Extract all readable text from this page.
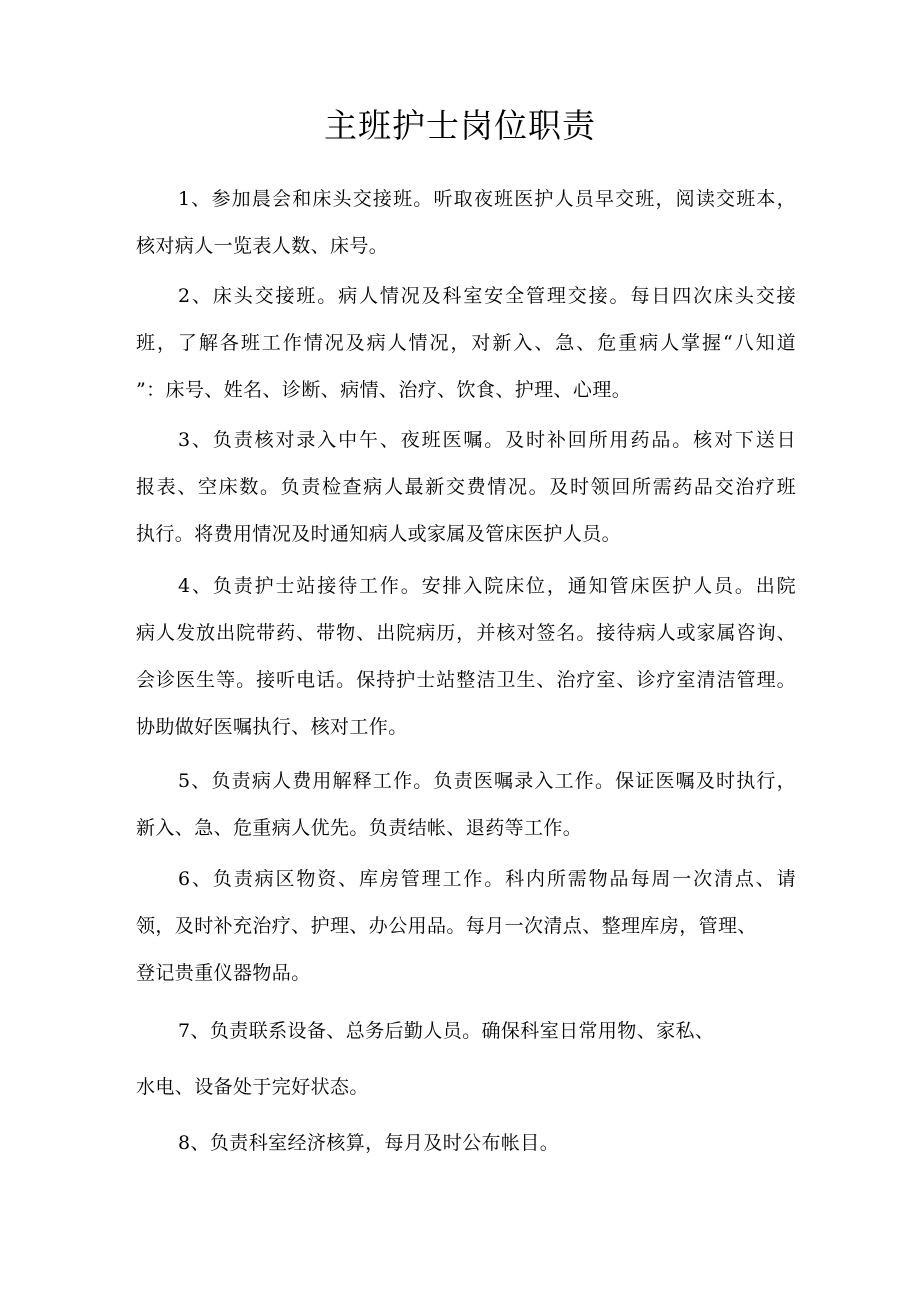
主班护士岗位职责
1、参加晨会和床头交接班。听取夜班医护人员早交班，阅读交班本，
核对病人一览表人数、床号。
2、床头交接班。病人情况及科室安全管理交接。每日四次床头交接
班，了解各班工作情况及病人情况，对新入、急、危重病人掌握“八知道
”：床号、姓名、诊断、病情、治疗、饮食、护理、心理。
3、负责核对录入中午、夜班医嘱。及时补回所用药品。核对下送日
报表、空床数。负责检查病人最新交费情况。及时领回所需药品交治疗班
执行。将费用情况及时通知病人或家属及管床医护人员。
4、负责护士站接待工作。安排入院床位，通知管床医护人员。出院
病人发放出院带药、带物、出院病历，并核对签名。接待病人或家属咨询、
会诊医生等。接听电话。保持护士站整洁卫生、治疗室、诊疗室清洁管理。
协助做好医嘱执行、核对工作。
5、负责病人费用解释工作。负责医嘱录入工作。保证医嘱及时执行，
新入、急、危重病人优先。负责结帐、退药等工作。
6、负责病区物资、库房管理工作。科内所需物品每周一次清点、请
领，及时补充治疗、护理、办公用品。每月一次清点、整理库房，管理、
登记贵重仪器物品。
7、负责联系设备、总务后勤人员。确保科室日常用物、家私、
水电、设备处于完好状态。
8、负责科室经济核算，每月及时公布帐目。
